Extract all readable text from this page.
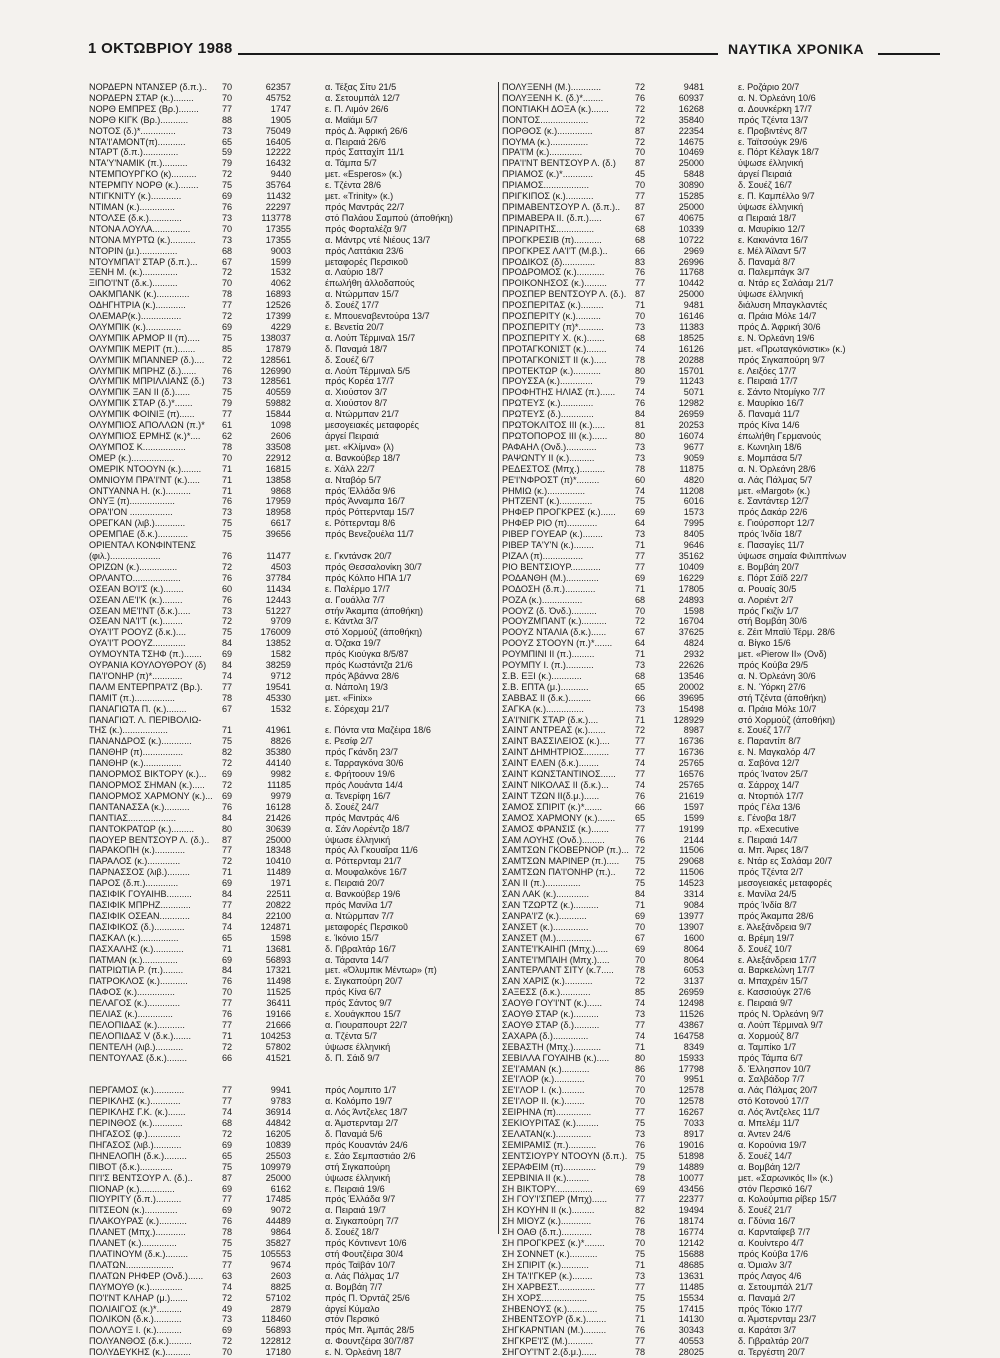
1 ΟΚΤΩΒΡΙΟΥ 1988	ΝΑΥΤΙΚΑ ΧΡΟΝΙΚΑ
ΝΟΡΔΕΡΝ ΝΤΑΝΣΕΡ (δ.π.)..	70	62357	α. Τέξας Σίτυ 21/5
ΝΟΡΔΕΡΝ ΣΤΑΡ (κ.)........	70	45752	α. Σετουμπάλ 12/7
ΝΟΡΘ ΕΜΠΡΕΣ (Βρ.)........	77	1747	ε. Π. Λιμόν 26/6
ΝΟΡΘ ΚΙΓΚ (Βρ.)...........	88	1905	α. Μαϊάμι 5/7
ΝΟΤΟΣ (δ.)*..............	73	75049	πρός Δ. Άφρική 26/6
ΝΤΑ'Ι'ΑΜΟΝΤ(π)...........	65	16405	α. Πειραιά 26/6
ΝΤΑΡΤ (δ.π.)..............	59	12222	πρός Σατταχίπ 11/1
ΝΤΑ'Υ'ΝΑΜΙΚ (π.)..........	79	16432	α. Τάμπα 5/7
ΝΤΕΜΠΟΥΡΓΚΟ (κ)..........	72	9440	μετ. «Esperos» (κ.)
ΝΤΕΡΜΠΥ ΝΟΡΘ (κ.)........	75	35764	ε. Τζέντα 28/6
ΝΤΙΓΚΝΙΤΥ (κ.)............	69	11432	μετ. «Trinity» (κ.)
ΝΤΙΜΑΝ (κ.)..............	76	22297	πρός Μαντράς 22/7
ΝΤΟΛΣΕ (δ.κ.).............	73	113778	στό Παλάου Σαμπού (άποθήκη)
ΝΤΟΝΑ ΛΟΥΛΑ...............	70	17355	πρός Φορταλέζα 9/7
ΝΤΟΝΑ ΜΥΡΤΩ (κ.)..........	73	17355	α. Μάντρς ντέ Νιέους 13/7
ΝΤΟΡΙΝ (μ.)...............	68	9003	πρός Λαττάκια 23/6
ΝΤΟΥΜΠΑ'Ι' ΣΤΑΡ (δ.π.)...	67	1599	μεταφορές Περσικοῦ
ΞΕΝΗ Μ. (κ.)..............	72	1532	α. Λαύριο 18/7
ΞΙΠΟ'Ι'ΝΤ (δ.κ.)..........	70	4062	έπωλήθη άλλοδαπούς
ΟΑΚΜΠΑΝΚ (κ.).............	78	16893	α. Ντώρμπαν 15/7
ΟΔΗΓΗΤΡΙΑ (κ.)............	77	12526	δ. Σουέζ 17/7
ΟΛΕΜΑΡ(κ.)................	72	17399	ε. Μπουεναβεντούρα 13/7
ΟΛΥΜΠΙΚ (κ.)..............	69	4229	ε. Βενετία 20/7
ΟΛΥΜΠΙΚ ΑΡΜΟΡ ΙΙ (π).....	75	138037	α. Λούπ Τέρμιναλ 15/7
ΟΛΥΜΠΙΚ ΜΕΡΙΤ (π.).......	85	17879	δ. Παναμά 18/7
ΟΛΥΜΠΙΚ ΜΠΑΝΝΕΡ (δ.)....	72	128561	δ. Σουέζ 6/7
ΟΛΥΜΠΙΚ ΜΠΡΗΖ (δ.)......	76	126990	α. Λούπ Τέρμιναλ 5/5
ΟΛΥΜΠΙΚ ΜΠΡΙΛΛΙΑΝΣ (δ.)	73	128561	πρός Κορέα 17/7
ΟΛΥΜΠΙΚ ΞΑΝ ΙΙ (δ.)......	75	40559	α. Χιούστον 3/7
ΟΛΥΜΠΙΚ ΣΤΑΡ (δ.)*.......	79	59882	α. Χιούστον 8/7
ΟΛΥΜΠΙΚ ΦΟΙΝΙΞ (π)......	77	15844	α. Ντώρμπαν 21/7
ΟΛΥΜΠΙΟΣ ΑΠΟΛΛΩΝ (π.)*	61	1098	μεσογειακές μεταφορές
ΟΛΥΜΠΙΟΣ ΕΡΜΗΣ (κ.)*....	62	2606	άργεί Πειραιά
ΟΛΥΜΠΟΣ Κ.................	78	33508	μετ. «Κλίμνα» (λ)
ΟΜΕΡ (κ.).................	70	22912	α. Βανκούβερ 18/7
ΟΜΕΡΙΚ ΝΤΟΟΥΝ (κ.)........	71	16815	ε. Χάλλ 22/7
ΟΜΝΙΟΥΜ ΠΡΑ'Ι'ΝΤ (κ.).....	71	13858	α. Νταβόρ 5/7
ΟΝΤΥΑΝΝΑ Η. (κ.)..........	71	9868	πρός Έλλάδα 9/6
ΟΝΥΞ (π)..................	76	17959	πρός Άνναμπα 16/7
ΟΡΑ'Ι'ΟΝ .................	73	18958	πρός Ρόττερνταμ 15/7
ΟΡΕΓΚΑΝ (λιβ.)............	75	6617	ε. Ρόττερνταμ 8/6
ΟΡΕΜΠΑΕ (δ.κ.)............	75	39656	πρός Βενεζουέλα 11/7
ΟΡΙΕΝΤΑΛ ΚΟΝΦΙΝΤΕΝΣ
(φιλ.)....................	76	11477	ε. Γκντάνσκ 20/7
ΟΡΙΖΩΝ (κ.)...............	72	4503	πρός Θεσσαλονίκη 30/7
ΟΡΛΑΝΤΟ...................	76	37784	πρός Κόλπο ΗΠΑ 1/7
ΟΣΕΑΝ ΒΟ'Ι'Σ (κ.)........	60	11434	ε. Παλέρμο 17/7
ΟΣΕΑΝ ΛΕ'Ι'Κ (κ.)........	76	12443	α. Γουάλλα 7/7
ΟΣΕΑΝ ΜΕ'Ι'ΝΤ (δ.κ.).....	73	51227	στήν Άκαμπα (άποθήκη)
ΟΣΕΑΝ ΝΑ'Ι'Τ (κ.)........	72	9709	ε. Κάντλα 3/7
ΟΥΑ'Ι'Τ ΡΟΟΥΖ (δ.κ.)....	75	176009	στό Χορμούζ (άποθήκη)
ΟΥΑ'Ι'Τ ΡΟΟΥΖ.............	84	13852	α. Όζακα 19/7
ΟΥΜΟΥΝΤΑ ΤΣΗΦ (π.).......	69	1582	πρός Κιούγκα 8/5/87
ΟΥΡΑΝΙΑ ΚΟΥΛΟΥΘΡΟΥ (δ)	84	38259	πρός Κωστάντζα 21/6
ΠΑ'Ι'ΟΝΗΡ (π)*............	74	9712	πρός Άβάννα 28/6
ΠΑΛΜ ΕΝΤΕΡΠΡΑ'Ι'Ζ (Βρ.).	77	19541	α. Νάπολη 19/3
ΠΑΜΙΤ (π.)................	78	45330	μετ. «Finix»
ΠΑΝΑΓΙΩΤΑ Π. (κ.)........	67	1532	ε. Σόρεχαμ 21/7
ΠΑΝΑΓΙΩΤ. Λ. ΠΕΡΙΒΟΛΙΩ-
ΤΗΣ (κ.)..................	71	41961	ε. Πόντα ντα Μαζέιρα 18/6
ΠΑΝΑΝΔΡΟΣ (κ.)............	75	8826	ε. Ρεσίφ 2/7
ΠΑΝΘΗΡ (π)................	82	35380	πρός Γκάνδη 23/7
ΠΑΝΘΗΡ (κ.)...............	72	44140	ε. Ταρραγκόνα 30/6
ΠΑΝΟΡΜΟΣ ΒΙΚΤΟΡΥ (κ.)...	69	9982	ε. Φρήτοουν 19/6
ΠΑΝΟΡΜΟΣ ΣΗΜΑΝ (κ.).....	72	11185	πρός Λουάντα 14/4
ΠΑΝΟΡΜΟΣ ΧΑΡΜΟΝΥ (κ.)...	69	9979	α. Τενερίφη 16/7
ΠΑΝΤΑΝΑΣΣΑ (κ.)..........	76	16128	δ. Σουέζ 24/7
ΠΑΝΤΙΑΣ...................	84	21426	πρός Μαντράς 4/6
ΠΑΝΤΟΚΡΑΤΩΡ (κ.).........	80	30639	α. Σάν Λορέντζο 18/7
ΠΑΟΥΕΡ ΒΕΝΤΣΟΥΡ Λ. (δ.)..	87	25000	ύψωσε έλληνική
ΠΑΡΑΚΟΠΗ (κ.)............	77	18348	πρός Αλ Γκουαΐρα 11/6
ΠΑΡΑΛΟΣ (κ.).............	72	10410	α. Ρόττερνταμ 21/7
ΠΑΡΝΑΣΣΟΣ (λιβ.).........	71	11489	α. Μουφαλκόνε 16/7
ΠΑΡΟΣ (δ.π.).............	69	1971	ε. Πειραιά 20/7
ΠΑΣΙΦΙΚ ΓΟΥΑΙΗΒ..........	84	22511	α. Βανκούβερ 19/6
ΠΑΣΙΦΙΚ ΜΠΡΗΖ............	77	20822	πρός Μανίλα 1/7
ΠΑΣΙΦΙΚ ΟΣΕΑΝ............	84	22100	α. Ντώρμπαν 7/7
ΠΑΣΙΦΙΚΟΣ (δ.)............	74	124871	μεταφορές Περσικοῦ
ΠΑΣΚΑΛ (κ.)...............	65	1598	ε. Ίκόνιο 15/7
ΠΑΣΧΑΛΗΣ (κ.)............	71	13681	δ. Γιβραλτάρ 16/7
ΠΑΤΜΑΝ (κ.)..............	69	56893	α. Τάραντα 14/7
ΠΑΤΡΙΩΤΙΑ Ρ. (π.)........	84	17321	μετ. «Όλυμπικ Μέντωρ» (π)
ΠΑΤΡΟΚΛΟΣ (κ.)...........	76	11498	ε. Σιγκαπούρη 20/7
ΠΑΦΟΣ (κ.)...............	70	11525	πρός Κίνα 6/7
ΠΕΛΑΓΟΣ (κ.).............	77	36411	πρός Σάντος 9/7
ΠΕΛΙΑΣ (κ.)..............	76	19166	ε. Χουάγκπου 15/7
ΠΕΛΟΠΙΔΑΣ (κ.)...........	77	21666	α. Γιουραπουρτ 22/7
ΠΕΛΟΠΙΔΑΣ V (δ.κ.).......	71	104253	α. Τζέντα 5/7
ΠΕΝΤΕΛΗ (λιβ.)...........	72	57802	ύψωσε έλληνική
ΠΕΝΤΟΥΛΑΣ (δ.κ.)........	66	41521	δ. Π. Σάιδ 9/7
ΠΕΡΓΑΜΟΣ (κ.)............	77	9941	πρός Λομπιτο 1/7
ΠΕΡΙΚΛΗΣ (κ.)............	77	9783	α. Κολόμπο 19/7
ΠΕΡΙΚΛΗΣ Γ.Κ. (κ.).......	74	36914	α. Λός Άντζελες 18/7
ΠΕΡΙΝΘΟΣ (κ.)............	68	44842	α. Άμστερνταμ 2/7
ΠΗΓΑΣΟΣ (φ.).............	72	16205	δ. Παναμά 5/6
ΠΗΓΑΣΟΣ (λιβ.)...........	69	10839	πρός Κουαντάν 24/6
ΠΗΝΕΛΟΠΗ (δ.κ.).........	65	25503	ε. Σάο Σεμπαστιάο 2/6
ΠΙΒΟΤ (δ.κ.).............	75	109979	στή Σιγκαπούρη
ΠΙ'Ι'Σ ΒΕΝΤΣΟΥΡ Λ. (δ.)..	87	25000	ύψωσε έλληνική
ΠΙΟΝΑΡ (κ.)..............	69	6162	ε. Πειραιά 19/6
ΠΙΟΥΡΙΤΥ (δ.π.)..........	77	17485	πρός Έλλάδα 9/7
ΠΙΤΣΕΟΝ (κ.).............	69	9072	α. Πειραιά 19/7
ΠΛΑΚΟΥΡΑΣ (κ.)...........	76	44489	α. Σιγκαπούρη 7/7
ΠΛΑΝΕΤ (Μπχ.)............	78	9864	δ. Σουέζ 18/7
ΠΛΑΝΕΤ (κ.)..............	75	35827	πρός Κόντινεντ 10/6
ΠΛΑΤΙΝΟΥΜ (δ.κ.).........	75	105553	στή Φουτζέιρα 30/4
ΠΛΑΤΩΝ...................	77	9674	πρός Ταϊβάν 10/7
ΠΛΑΤΩΝ ΡΗΦΕΡ (Ονδ.)......	63	2603	α. Λάς Πάλμας 1/7
ΠΛΥΜΟΥΘ (κ.).............	74	8825	α. Βομβάη 7/7
ΠΟ'Ι'ΝΤ ΚΛΗΑΡ (μ.).......	72	57102	πρός Π. Όρντάζ 25/6
ΠΟΛΙΑΙΓΟΣ (κ.)*..........	49	2879	άργεί Κύμαλο
ΠΟΛΙΚΟΝ (δ.κ.)...........	73	118460	στόν Περσικό
ΠΟΛΛΟΥΞ Ι. (κ.)..........	69	56893	πρός Μπ. Άμπάς 28/5
ΠΟΛΥΑΝΘΟΣ (δ.κ.).........	72	122812	α. Φουντζέιρα 30/7/87
ΠΟΛΥΔΕΥΚΗΣ (κ.)..........	70	17180	ε. Ν. Όρλεάνη 18/7
ΠΟΛΥΞΕΝΗ (Μ.)............	72	9481	ε. Ροζάριο 20/7
ΠΟΛΥΞΕΝΗ Κ. (δ.)*........	76	60937	α. Ν. Όρλεάνη 10/6
ΠΟΝΤΙΑΚΗ ΔΟΞΑ (κ.).......	72	16268	α. Δουνκέρκη 17/7
ΠΟΝΤΟΣ...................	72	35840	πρός Τζέντα 13/7
ΠΟΡΘΟΣ (κ.)..............	87	22354	ε. Προβιντένς 8/7
ΠΟΥΜΑ (κ.)...............	72	14675	ε. Ταϊτσούγκ 29/6
ΠΡΑ'Ι'Μ (κ.).............	70	10469	ε. Πόρτ Κέλαγκ 18/7
ΠΡΑ'Ι'ΝΤ ΒΕΝΤΣΟΥΡ Λ. (δ.)	87	25000	ύψωσε έλληνική
ΠΡΙΑΜΟΣ (κ.)*............	45	5848	άργεί Πειραιά
ΠΡΙΑΜΟΣ..................	70	30890	δ. Σουέζ 16/7
ΠΡΙΓΚΙΠΟΣ (κ.)...........	77	15285	ε. Π. Καμπέλλο 9/7
ΠΡΙΜΑΒΕΝΤΣΟΥΡ Λ. (δ.π.)..	87	25000	ύψωσε έλληνική
ΠΡΙΜΑΒΕΡΑ ΙΙ. (δ.π.).....	67	40675	α Πειραιά 18/7
ΠΡΙΝΑΡΙΤΗΣ...............	68	10339	α. Μαυρίκιο 12/7
ΠΡΟΓΚΡΕΣΙΒ (π)...........	68	10722	ε. Κακινάντα 16/7
ΠΡΟΓΚΡΕΣ ΛΑ'Ι'Τ (Μ.β.)..	66	2969	ε. Μέλ Άϊλαντ 5/7
ΠΡΟΔΙΚΟΣ (δ).............	83	26996	δ. Παναμά 8/7
ΠΡΟΔΡΟΜΟΣ (κ.)...........	76	11768	α. Παλεμπάγκ 3/7
ΠΡΟΙΚΟΝΗΣΟΣ (κ.).........	77	10442	α. Ντάρ ες Σαλάαμ 21/7
ΠΡΟΣΠΕΡ ΒΕΝΤΣΟΥΡ Λ. (δ.). 87	25000	ύψωσε έλληνική
ΠΡΟΣΠΕΡΙΤΑΣ (κ.).........	71	9481	διάλυση Μπαγκλαντές
ΠΡΟΣΠΕΡΙΤΥ (κ.)..........	70	16146	α. Πράια Μόλε 14/7
ΠΡΟΣΠΕΡΙΤΥ (π)*..........	73	11383	πρός Δ. Άφρική 30/6
ΠΡΟΣΠΕΡΙΤΥ Χ. (κ.).......	68	18525	ε. Ν. Όρλεάνη 19/6
ΠΡΟΤΑΓΚΟΝΙΣΤ (κ.)........	74	16126	μετ. «Πρωταγκόνιστικ» (κ.)
ΠΡΟΤΑΓΚΟΝΙΣΤ ΙΙ (κ.).....	78	20288	πρός Σιγκαπούρη 9/7
ΠΡΟΤΕΚΤΩΡ (κ.)...........	80	15701	ε. Λειξόες 17/7
ΠΡΟΥΣΣΑ (κ.).............	79	11243	ε. Πειραιά 17/7
ΠΡΟΦΗΤΗΣ ΗΛΙΑΣ (π.)......	74	5071	ε. Σάντο Ντομίγκο 7/7
ΠΡΩΤΕΥΣ (κ.).............	76	12982	ε. Μαυρίκιο 16/7
ΠΡΩΤΕΥΣ (δ.).............	84	26959	δ. Παναμά 11/7
ΠΡΩΤΟΚΛΙΤΟΣ ΙΙΙ (κ.).....	81	20253	πρός Κίνα 14/6
ΠΡΩΤΟΠΟΡΟΣ ΙΙΙ (κ.)......	80	16074	έπωλήθη Γερμανούς
ΡΑΦΑΗΛ (Ονδ.)............	73	9677	ε. Κωνηλιη 18/6
ΡΑΨΩΝΤΥ ΙΙ (κ.)..........	73	9059	ε. Μομπάσα 5/7
ΡΕΔΕΣΤΟΣ (Μπχ.)..........	78	11875	α. Ν. Όρλεάνη 28/6
ΡΕ'Ι'ΝΦΡΟΣΤ (π)*.........	60	4820	α. Λάς Πάλμας 5/7
ΡΗΜΙΩ (κ.)...............	74	11208	μετ. «Margot» (κ.)
ΡΗΤΖΕΝΤ (κ.).............	75	6016	ε. Σαντάντερ 12/7
ΡΗΦΕΡ ΠΡΟΓΚΡΕΣ (κ.)......	69	1573	πρός Δακάρ 22/6
ΡΗΦΕΡ ΡΙΟ (π)............	64	7995	ε. Γιούρσπορτ 12/7
ΡΙΒΕΡ ΓΟΥΕΑΡ (κ.)........	73	8405	πρός Ίνδία 18/7
ΡΙΒΕΡ ΤΑ'Υ'Ν (κ.)........	71	9646	ε. Πασαγίες 11/7
ΡΙΖΑΛ (π)................	77	35162	ύψωσε σημαία Φιλιππίνων
ΡΙΟ ΒΕΝΤΣΙΟΥΡ............	77	10409	ε. Βομβάη 20/7
ΡΟΔΑΝΘΗ (Μ.).............	69	16229	ε. Πόρτ Σάϊδ 22/7
ΡΟΔΟΣΗ (δ.π.)............	71	17805	α. Ρουαίς 30/5
ΡΟΖΑ (κ.)................	68	24893	α. Λοριέντ 2/7
ΡΟΟΥΖ (δ. Όνδ.)..........	70	1598	πρός Γκιζίν 1/7
ΡΟΟΥΖΜΠΑΝΤ (κ.)..........	72	16704	στή Βομβάη 30/6
ΡΟΟΥΖ ΝΤΑΛΙΑ (δ.κ.)......	67	37625	ε. Ζέιτ Μπαϊύ Τέρμ. 28/6
ΡΟΟΥΖ ΣΤΟΟΥΝ (π.)*.......	64	4824	α. Βίγκο 15/6
ΡΟΥΜΠΙΝΙ ΙΙ (π.).........	71	2932	μετ. «Pierow II» (Ονδ)
ΡΟΥΜΠΥ Ι. (π.)...........	73	22626	πρός Κούβα 29/5
Σ.Β. ΕΞΙ (κ.)............	68	13546	α. Ν. Όρλεάνη 30/6
Σ.Β. ΕΠΤΑ (μ.)...........	65	20002	ε. Ν. Ύόρκη 27/6
ΣΑΒΒΑΣ ΙΙ (δ.κ.).........	66	39695	στή Τζέντα (άποθήκη)
ΣΑΓΚΑ (κ.)...............	73	15498	α. Πράια Μόλε 10/7
ΣΑ'Ι'ΝΙΓΚ ΣΤΑΡ (δ.κ.)....	71	128929	στό Χορμούζ (άποθήκη)
ΣΑΙΝΤ ΑΝΤΡΕΑΣ (κ.).......	72	8987	ε. Σουέζ 17/7
ΣΑΙΝΤ ΒΑΣΣΙΛΕΙΟΣ (κ.)....	77	16736	ε. Παραντίπ 8/7
ΣΑΙΝΤ ΔΗΜΗΤΡΙΟΣ..........	77	16736	ε. Ν. Μαγκαλόρ 4/7
ΣΑΙΝΤ ΕΛΕΝ (δ.κ.)........	74	25765	α. Σαβόνα 12/7
ΣΑΙΝΤ ΚΩΝΣΤΑΝΤΙΝΟΣ......	77	16576	πρός Ίνατον 25/7
ΣΑΙΝΤ ΝΙΚΟΛΑΣ ΙΙ (δ.κ.)...	74	25765	α. Σάρροχ 14/7
ΣΑΙΝΤ ΤΖΩΝ ΙΙ(δ.μ.)......	76	21619	α. Ντορτιόλ 17/7
ΣΑΜΟΣ ΣΠΙΡΙΤ (κ.)*.......	66	1597	πρός Γέλα 13/6
ΣΑΜΟΣ ΧΑΡΜΟΝΥ (κ.).......	65	1599	ε. Γένοβα 18/7
ΣΑΜΟΣ ΦΡΑΝΣΙΣ (κ.).......	77	19199	πρ. «Executive
ΣΑΜ ΛΟΥΗΣ (Ονδ.).........	76	2144	ε. Πειραιά 14/7
ΣΑΜΤΣΩΝ ΓΚΟΒΕΡΝΟΡ (π.)... 72	11506	α. Μπ. Άιρες 18/7
ΣΑΜΤΣΩΝ ΜΑΡΙΝΕΡ (π.).....	75	29068	ε. Ντάρ ες Σαλάαμ 20/7
ΣΑΜΤΣΩΝ ΠΑ'Ι'ΟΝΗΡ (π.)..	72	11506	πρός Τζέντα 2/7
ΣΑΝ ΙΙ (π.)..............	75	14523	μεσογειακές μεταφορές
ΣΑΝ ΛΑΚ (κ.).............	84	3314	ε. Μανίλα 24/5
ΣΑΝ ΤΖΩΡΤΖ (κ.)..........	71	9084	πρός Ίνδία 8/7
ΣΑΝΡΑ'Ι'Ζ (κ.)...........	69	13977	πρός Άκαμπα 28/6
ΣΑΝΣΕΤ (κ.)..............	70	13907	ε. Άλεξάνδρεια 9/7
ΣΑΝΣΕΤ (Μ.)..............	67	1600	α. Βρέμη 19/7
ΣΑΝΤΕ'Ι'ΚΑΙΗΠ (Μπχ.).....	69	8064	δ. Σουέζ 10/7
ΣΑΝΤΕ'Ι'ΜΠΑΙΗ (Μπχ.).....	70	8064	ε. Αλεξάνδρεια 17/7
ΣΑΝΤΕΡΛΑΝΤ ΣΙΤΥ (κ.7.....	78	6053	α. Βαρκελώνη 17/7
ΣΑΝ ΧΑΡΙΣ (κ.)...........	72	3137	α. Μπαχρέιν 15/7
ΣΑΞΕΣΣ (δ.κ.)............	85	26959	ε. Κασσιούγκ 27/6
ΣΑΟΥΘ ΓΟΥ'Ι'ΝΤ (κ.)......	74	12498	ε. Πειραιά 9/7
ΣΑΟΥΘ ΣΤΑΡ (κ.)..........	73	11526	πρός Ν. Όρλεάνη 9/7
ΣΑΟΥΘ ΣΤΑΡ (δ.)..........	77	43867	α. Λούπ Τέρμιναλ 9/7
ΣΑΧΑΡΑ (δ.)..............	74	164758	α. Χορμούζ 8/7
ΣΕΒΑΣΤΗ (Μπχ.)...........	71	8349	α. Ταμπίκο 1/7
ΣΕΒΙΛΛΑ ΓΟΥΑΙΗΒ (κ.).....	80	15933	πρός Τάμπα 6/7
ΣΕ'Ι'ΑΜΑΝ (κ.)...........	86	17798	δ. Έλλησπον 10/7
ΣΕ'Ι'ΛΟΡ (κ.)............	70	9951	α. Σαλβάδορ 7/7
ΣΕ'Ι'ΛΟΡ Ι. (κ.).........	70	12578	α. Λάς Πάλμας 20/7
ΣΕ'Ι'ΛΟΡ ΙΙ. (κ.)........	70	12578	στό Κοτονού 17/7
ΣΕΙΡΗΝΑ (π)..............	77	16267	α. Λός Άντζελες 11/7
ΣΕΚΙΟΥΡΙΤΑΣ (κ.).........	75	7033	α. Μπελέμ 11/7
ΣΕΛΑΤΑΝ(κ.)..............	73	8917	α. Άντεν 24/6
ΣΕΜΙΡΑΜΙΣ (π.)...........	76	19016	α. Κορούνια 19/7
ΣΕΝΤΣΙΟΥΡΥ ΝΤΟΟΥΝ (δ.π.). 75	51898	δ. Σουέζ 14/7
ΣΕΡΑΦΕΙΜ (π).............	79	14889	α. Βομβάη 12/7
ΣΕΡΒΙΝΙΑ ΙΙ (κ.).........	78	10077	μετ. «Σαρωνικός ΙΙ» (κ.)
ΣΗ ΒΙΚΤΟΡΥ...............	69	43456	στόν Περσικό 16/7
ΣΗ ΓΟΥ'Ι'ΣΠΕΡ (Μπχ)......	77	22377	α. Κολούμπια ρίβερ 15/7
ΣΗ ΚΟΥΗΝ ΙΙ (κ.).........	82	19494	δ. Σουέζ 21/7
ΣΗ ΜΙΟΥΖ (κ.)............	76	18174	α. Γδύνια 16/7
ΣΗ ΟΑΘ (δ.π.)............	78	16774	α. Καρνταίφεβ 7/7
ΣΗ ΠΡΟΓΚΡΕΣ (κ.)*........	70	12142	α. Κουίντερο 4/7
ΣΗ ΣΟΝΝΕΤ (κ.)...........	75	15688	πρός Κούβα 17/6
ΣΗ ΣΠΙΡΙΤ (κ.)...........	71	48685	α. Όμιαλν 3/7
ΣΗ ΤΑ'Ι'ΓΚΕΡ (κ.)........	73	13631	πρός Λαγος 4/6
ΣΗ ΧΑΡΒΕΣΤ...............	77	11485	α. Σετουμπάλ 21/7
ΣΗ ΧΟΡΣ..................	75	15534	α. Παναμά 2/7
ΣΗΒΕΝΟΥΣ (κ.)............	75	17415	πρός Τόκιο 17/7
ΣΗΒΕΝΤΣΟΥΡ (δ.κ.)........	71	14130	α. Άμστερνταμ 23/7
ΣΗΓΚΑΡΝΤΙΑΝ (Μ.).........	76	30343	α. Καράτσι 3/7
ΣΗΓΚΡΕ'Ι'Σ (Μ.)..........	77	40553	δ. Γιβραλτάρ 20/7
ΣΗΓΟΥ'Ι'ΝΤ 2.(δ.μ.)......	78	28025	α. Τεργέστη 20/7
